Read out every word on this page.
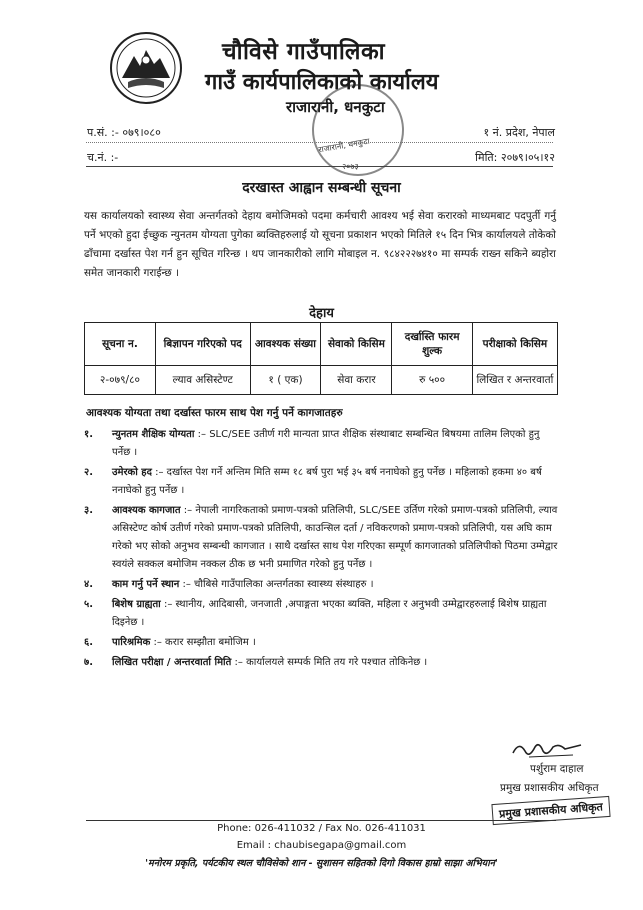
चौविसे गाउँपालिका
गाउँ कार्यपालिकाको कार्यालय
राजारानी, धनकुटा
राजारानी, धनकुटा
२०७३
प.सं. :- ०७९।०८०	१ नं. प्रदेश, नेपाल
च.नं. :-	मिति: २०७९।०५।१२
दरखास्त आह्वान सम्बन्धी सूचना
यस कार्यालयको स्वास्थ्य सेवा अन्तर्गतको देहाय बमोजिमको पदमा कर्मचारी आवश्य भई सेवा करारको माध्यमबाट पदपुर्ती गर्नु पर्ने भएको हुदा ईच्छुक न्युनतम योग्यता पुगेका ब्यक्तिहरुलाई यो सूचना प्रकाशन भएको मितिले १५ दिन भित्र कार्यालयले तोकेको ढाँचामा दर्खास्त पेश गर्न हुन सूचित गरिन्छ । थप जानकारीको लागि मोबाइल न. ९८४२२२७४१० मा सम्पर्क राख्न सकिने ब्यहोरा समेत जानकारी गराईन्छ ।
देहाय
सूचना न.	बिज्ञापन गरिएको पद	आवश्यक संख्या	सेवाको किसिम	दर्खास्ति फारम शुल्क	परीक्षाको किसिम
२-०७९/८०	ल्याव असिस्टेण्ट	१ ( एक)	सेवा करार	रु ५००	लिखित र अन्तरवार्ता
आवश्यक योग्यता तथा दर्खास्त फारम साथ पेश गर्नु पर्ने कागजातहरु
१. न्युनतम शैक्षिक योग्यता :– SLC/SEE उतीर्ण गरी मान्यता प्राप्त शैक्षिक संस्थाबाट सम्बन्धित बिषयमा तालिम लिएको हुनु पर्नेछ ।
२. उमेरको हद :– दर्खास्त पेश गर्ने अन्तिम मिति सम्म १८ बर्ष पुरा भई ३५ बर्ष ननाघेको हुनु पर्नेछ । महिलाको हकमा ४० बर्ष ननाघेको हुनु पर्नेछ ।
३. आवश्यक कागजात :– नेपाली नागरिकताको प्रमाण-पत्रको प्रतिलिपी, SLC/SEE उर्तिण गरेको प्रमाण-पत्रको प्रतिलिपी, ल्याव असिस्टेण्ट कोर्ष उतीर्ण गरेको प्रमाण-पत्रको प्रतिलिपी, काउन्सिल दर्ता / नविकरणको प्रमाण-पत्रको प्रतिलिपी, यस अघि काम गरेको भए सोको अनुभव सम्बन्धी कागजात । साथै दर्खास्त साथ पेश गरिएका सम्पूर्ण कागजातको प्रतिलिपीको पिठमा उम्मेद्वार स्वयंले सक्कल बमोजिम नक्कल ठीक छ भनी प्रमाणित गरेको हुनु पर्नेछ ।
४. काम गर्नु पर्ने स्थान :– चौबिसे गाउँपालिका अन्तर्गतका स्वास्थ्य संस्थाहरु ।
५. बिशेष ग्राह्यता :– स्थानीय, आदिबासी, जनजाती ,अपाङ्गता भएका ब्यक्ति, महिला र अनुभवी उम्मेद्वारहरुलाई बिशेष ग्राह्यता दिइनेछ ।
६. पारिश्रमिक :– करार सम्झौता बमोजिम ।
७. लिखित परीक्षा / अन्तरवार्ता मिति :– कार्यालयले सम्पर्क मिति तय गरे पश्चात तोकिनेछ ।
पर्शुराम दाहाल
प्रमुख प्रशासकीय अधिकृत
प्रमुख प्रशासकीय अधिकृत
Phone: 026-411032 / Fax No. 026-411031
Email : chaubisegapa@gmail.com
'मनोरम प्रकृति, पर्यटकीय स्थल चौविसेको शान - सुशासन सहितको दिगो विकास हाम्रो साझा अभियान'
